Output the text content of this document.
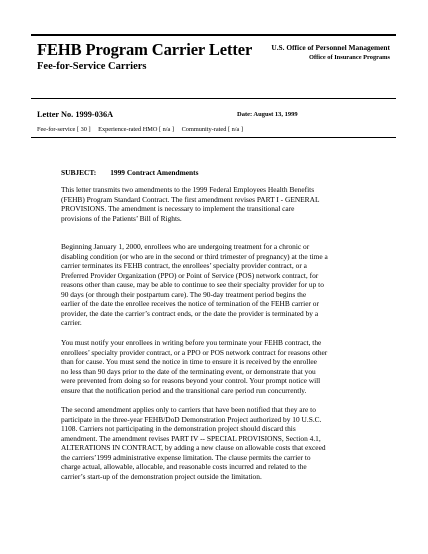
FEHB Program Carrier Letter
Fee-for-Service Carriers
U.S. Office of Personnel Management
Office of Insurance Programs
Letter No. 1999-036A	Date: August 13, 1999
Fee-for-service [ 30 ] Experience-rated HMO [ n/a ] Community-rated [ n/a ]
SUBJECT: 1999 Contract Amendments
This letter transmits two amendments to the 1999 Federal Employees Health Benefits
(FEHB) Program Standard Contract. The first amendment revises PART I - GENERAL
PROVISIONS. The amendment is necessary to implement the transitional care
provisions of the Patients’ Bill of Rights.
Beginning January 1, 2000, enrollees who are undergoing treatment for a chronic or
disabling condition (or who are in the second or third trimester of pregnancy) at the time a
carrier terminates its FEHB contract, the enrollees’ specialty provider contract, or a
Preferred Provider Organization (PPO) or Point of Service (POS) network contract, for
reasons other than cause, may be able to continue to see their specialty provider for up to
90 days (or through their postpartum care). The 90-day treatment period begins the
earlier of the date the enrollee receives the notice of termination of the FEHB carrier or
provider, the date the carrier’s contract ends, or the date the provider is terminated by a
carrier.
You must notify your enrollees in writing before you terminate your FEHB contract, the
enrollees’ specialty provider contract, or a PPO or POS network contract for reasons other
than for cause. You must send the notice in time to ensure it is received by the enrollee
no less than 90 days prior to the date of the terminating event, or demonstrate that you
were prevented from doing so for reasons beyond your control. Your prompt notice will
ensure that the notification period and the transitional care period run concurrently.
The second amendment applies only to carriers that have been notified that they are to
participate in the three-year FEHB/DoD Demonstration Project authorized by 10 U.S.C.
1108. Carriers not participating in the demonstration project should discard this
amendment. The amendment revises PART IV -- SPECIAL PROVISIONS, Section 4.1,
ALTERATIONS IN CONTRACT, by adding a new clause on allowable costs that exceed
the carriers’1999 administrative expense limitation. The clause permits the carrier to
charge actual, allowable, allocable, and reasonable costs incurred and related to the
carrier’s start-up of the demonstration project outside the limitation.
